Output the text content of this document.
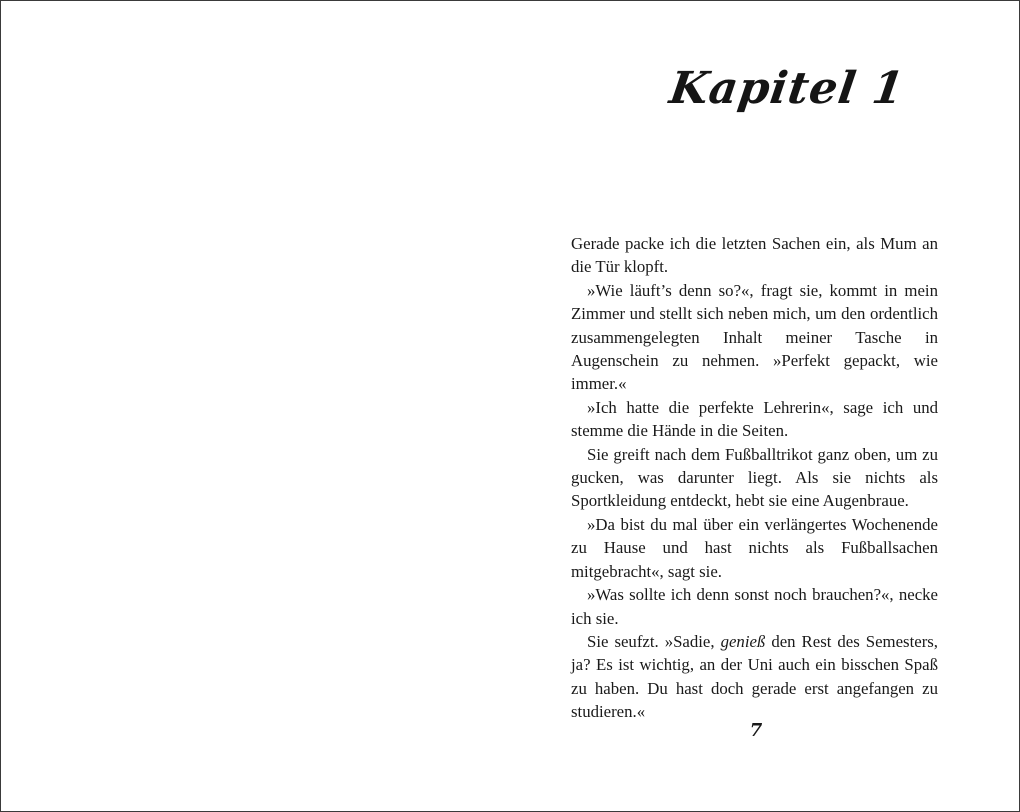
Kapitel 1

Gerade packe ich die letzten Sachen ein, als Mum an die Tür klopft.

»Wie läuft’s denn so?«, fragt sie, kommt in mein Zimmer und stellt sich neben mich, um den ordentlich zusammengelegten Inhalt meiner Tasche in Augenschein zu nehmen. »Perfekt gepackt, wie immer.«

»Ich hatte die perfekte Lehrerin«, sage ich und stemme die Hände in die Seiten.

Sie greift nach dem Fußballtrikot ganz oben, um zu gucken, was darunter liegt. Als sie nichts als Sportkleidung entdeckt, hebt sie eine Augenbraue.

»Da bist du mal über ein verlängertes Wochenende zu Hause und hast nichts als Fußballsachen mitgebracht«, sagt sie.

»Was sollte ich denn sonst noch brauchen?«, necke ich sie.

Sie seufzt. »Sadie, genieß den Rest des Semesters, ja? Es ist wichtig, an der Uni auch ein bisschen Spaß zu haben. Du hast doch gerade erst angefangen zu studieren.«

7
